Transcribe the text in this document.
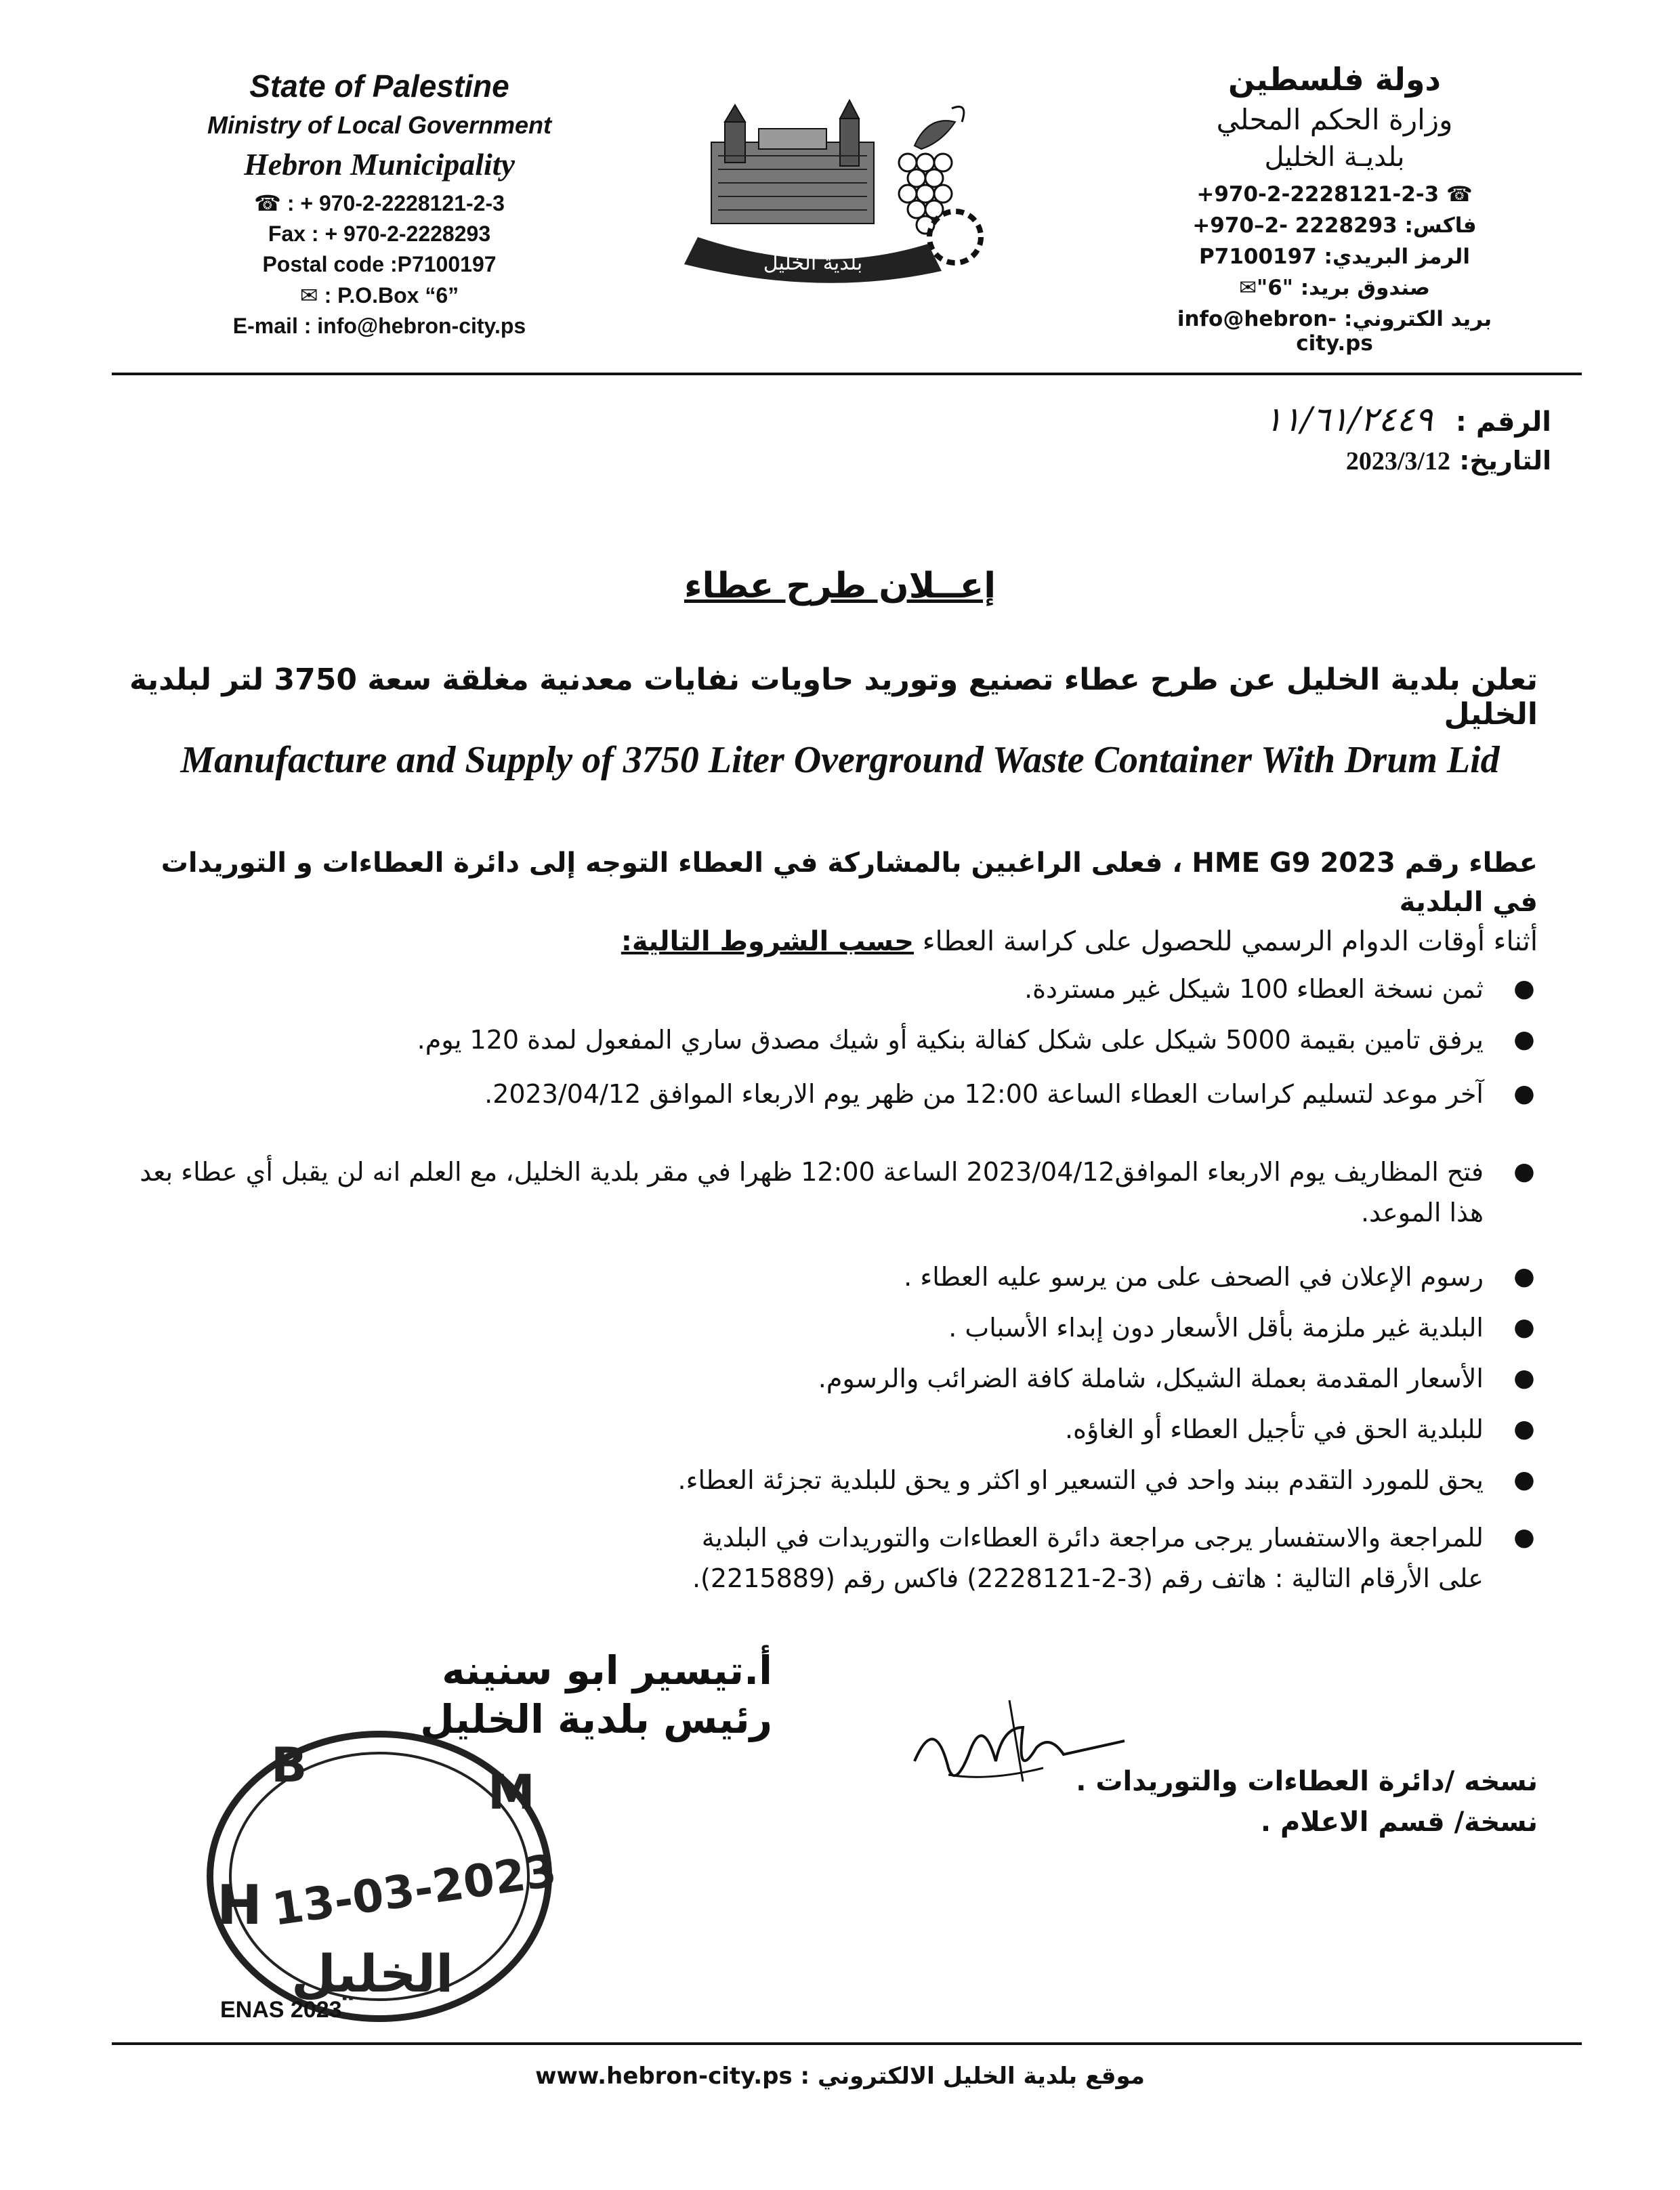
State of Palestine
Ministry of Local Government
Hebron Municipality
☎ : + 970-2-2228121-2-3
Fax : + 970-2-2228293
Postal code :P7100197
✉ : P.O.Box “6”
E-mail : info@hebron-city.ps
بلدية الخليل
دولة فلسطين
وزارة الحكم المحلي
بلديـة الخليل
+970-2-2228121-2-3 ☎
فاكس: 2228293 -2–970+
الرمز البريدي: P7100197
صندوق بريد: "6"✉
بريد الكتروني: info@hebron-city.ps
الرقم : ١١/٦١/٢٤٤٩
التاريخ: 2023/3/12
إعــلان طرح عطاء
تعلن بلدية الخليل عن طرح عطاء تصنيع وتوريد حاويات نفايات معدنية مغلقة سعة 3750 لتر لبلدية الخليل
Manufacture and Supply of 3750 Liter Overground Waste Container With Drum Lid
عطاء رقم HME G9 2023 ، فعلى الراغبين بالمشاركة في العطاء التوجه إلى دائرة العطاءات و التوريدات في البلدية
أثناء أوقات الدوام الرسمي للحصول على كراسة العطاء حسب الشروط التالية:
●
ثمن نسخة العطاء 100 شيكل غير مستردة.
●
يرفق تامين بقيمة 5000 شيكل على شكل كفالة بنكية أو شيك مصدق ساري المفعول لمدة 120 يوم.
●
آخر موعد لتسليم كراسات العطاء الساعة 12:00 من ظهر يوم الاربعاء الموافق 2023/04/12.
●
فتح المظاريف يوم الاربعاء الموافق2023/04/12 الساعة 12:00 ظهرا في مقر بلدية الخليل، مع العلم انه لن يقبل أي عطاء بعد هذا الموعد.
●
رسوم الإعلان في الصحف على من يرسو عليه العطاء .
●
البلدية غير ملزمة بأقل الأسعار دون إبداء الأسباب .
●
الأسعار المقدمة بعملة الشيكل، شاملة كافة الضرائب والرسوم.
●
للبلدية الحق في تأجيل العطاء أو الغاؤه.
●
يحق للمورد التقدم ببند واحد في التسعير او اكثر و يحق للبلدية تجزئة العطاء.
●
للمراجعة والاستفسار يرجى مراجعة دائرة العطاءات والتوريدات في البلدية على الأرقام التالية : هاتف رقم (3-2-2228121) فاكس رقم (2215889).
أ.تيسير ابو سنينه
رئيس بلدية الخليل
B	M
H 13-03-2023
الخليل
نسخه /دائرة العطاءات والتوريدات .
نسخة/ قسم الاعلام .
ENAS 2023
موقع بلدية الخليل الالكتروني : www.hebron-city.ps
